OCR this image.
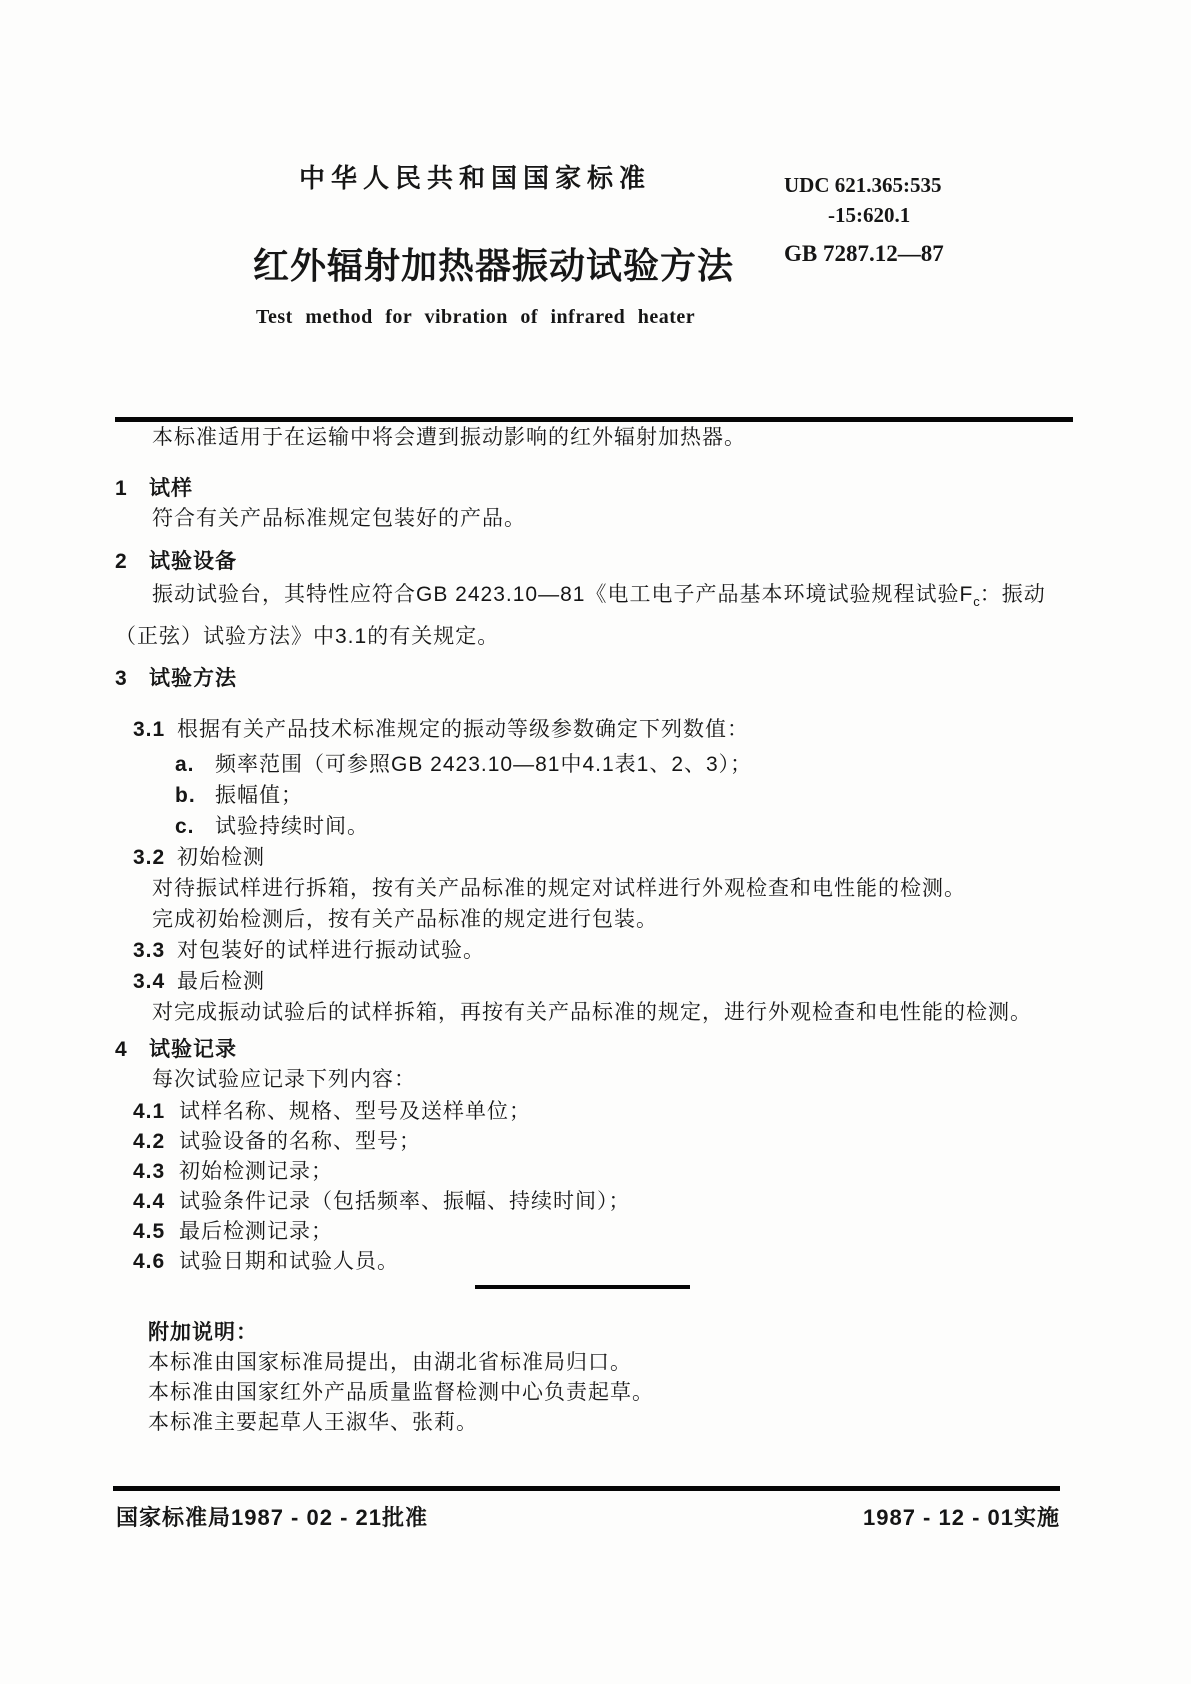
中华人民共和国国家标准	UDC 621.365:535
-15:620.1
红外辐射加热器振动试验方法 GB 7287.12—87
Test method for vibration of infrared heater

本标准适用于在运输中将会遭到振动影响的红外辐射加热器。

1	试样

符合有关产品标准规定包装好的产品。

2	试验设备

振动试验台，其特性应符合GB 2423.10—81《电工电子产品基本环境试验规程试验$F_c$：振动（正弦）试验方法》中3.1的有关规定。

3	试验方法
3.1 根据有关产品技术标准规定的振动等级参数确定下列数值：
a. 频率范围（可参照GB 2423.10—81中4.1表1、2、3）；
b. 振幅值；
c. 试验持续时间。
3.2 初始检测

对待振试样进行拆箱，按有关产品标准的规定对试样进行外观检查和电性能的检测。

完成初始检测后，按有关产品标准的规定进行包装。

3.3 对包装好的试样进行振动试验。
3.4 最后检测

对完成振动试验后的试样拆箱，再按有关产品标准的规定，进行外观检查和电性能的检测。

4	试验记录

每次试验应记录下列内容：

4.1 试样名称、规格、型号及送样单位；
4.2 试验设备的名称、型号；
4.3 初始检测记录；
4.4 试验条件记录（包括频率、振幅、持续时间）；
4.5 最后检测记录；
4.6 试验日期和试验人员。
附加说明：
本标准由国家标准局提出，由湖北省标准局归口。
本标准由国家红外产品质量监督检测中心负责起草。
本标准主要起草人王淑华、张莉。
国家标准局1987 - 02 - 21批准	1987 - 12 - 01实施
